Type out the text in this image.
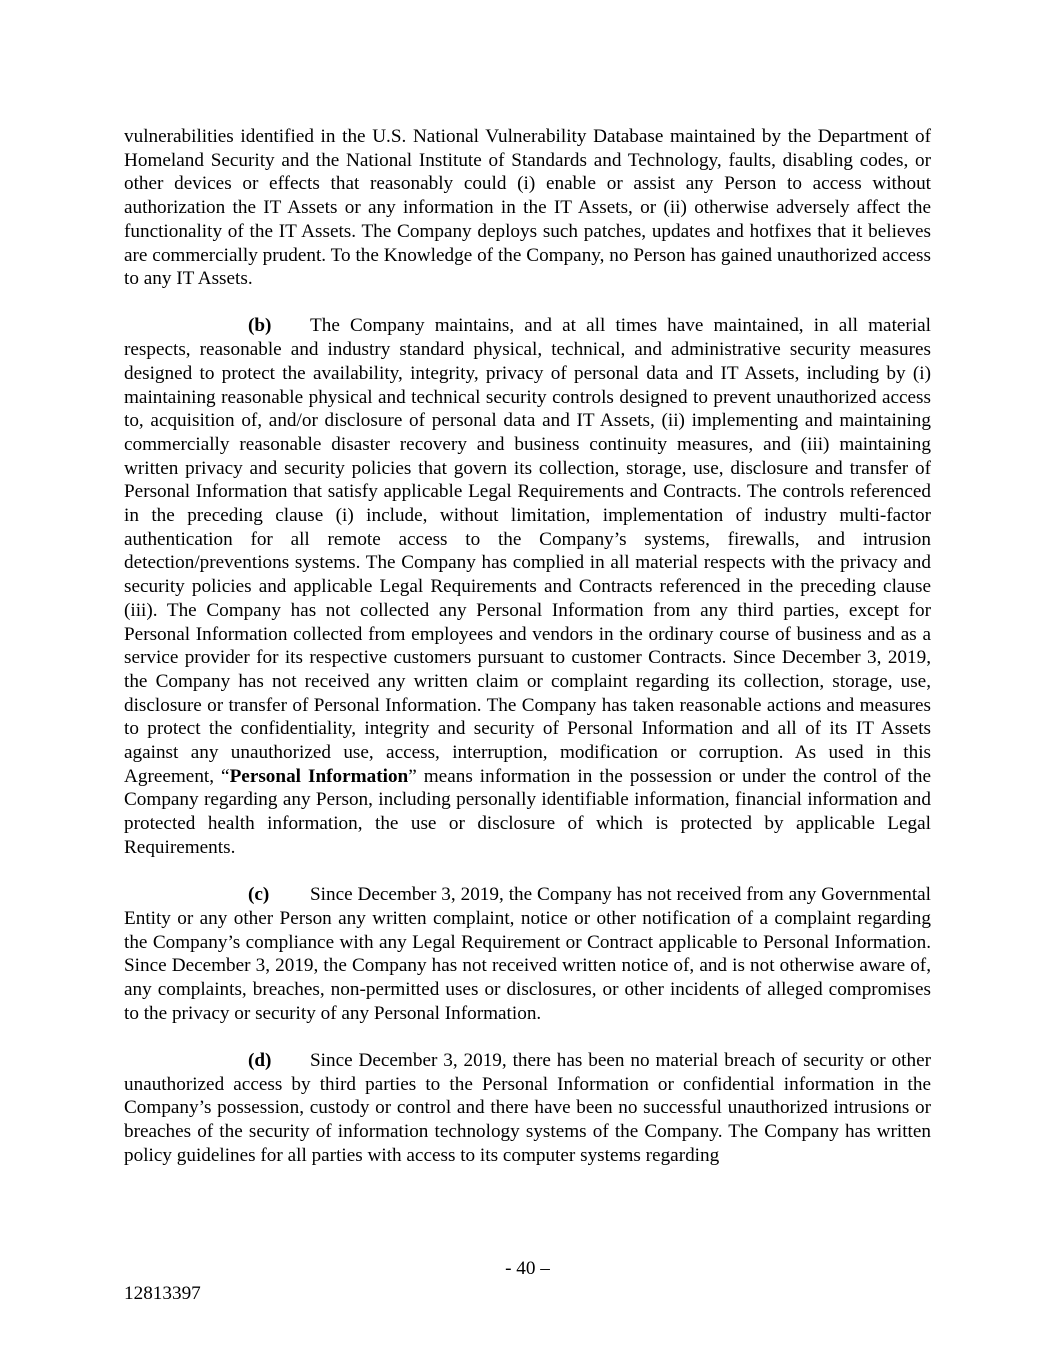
vulnerabilities identified in the U.S. National Vulnerability Database maintained by the Department of Homeland Security and the National Institute of Standards and Technology, faults, disabling codes, or other devices or effects that reasonably could (i) enable or assist any Person to access without authorization the IT Assets or any information in the IT Assets, or (ii) otherwise adversely affect the functionality of the IT Assets. The Company deploys such patches, updates and hotfixes that it believes are commercially prudent. To the Knowledge of the Company, no Person has gained unauthorized access to any IT Assets.

(b) The Company maintains, and at all times have maintained, in all material respects, reasonable and industry standard physical, technical, and administrative security measures designed to protect the availability, integrity, privacy of personal data and IT Assets, including by (i) maintaining reasonable physical and technical security controls designed to prevent unauthorized access to, acquisition of, and/or disclosure of personal data and IT Assets, (ii) implementing and maintaining commercially reasonable disaster recovery and business continuity measures, and (iii) maintaining written privacy and security policies that govern its collection, storage, use, disclosure and transfer of Personal Information that satisfy applicable Legal Requirements and Contracts. The controls referenced in the preceding clause (i) include, without limitation, implementation of industry multi-factor authentication for all remote access to the Company’s systems, firewalls, and intrusion detection/preventions systems. The Company has complied in all material respects with the privacy and security policies and applicable Legal Requirements and Contracts referenced in the preceding clause (iii). The Company has not collected any Personal Information from any third parties, except for Personal Information collected from employees and vendors in the ordinary course of business and as a service provider for its respective customers pursuant to customer Contracts. Since December 3, 2019, the Company has not received any written claim or complaint regarding its collection, storage, use, disclosure or transfer of Personal Information. The Company has taken reasonable actions and measures to protect the confidentiality, integrity and security of Personal Information and all of its IT Assets against any unauthorized use, access, interruption, modification or corruption. As used in this Agreement, “Personal Information” means information in the possession or under the control of the Company regarding any Person, including personally identifiable information, financial information and protected health information, the use or disclosure of which is protected by applicable Legal Requirements.

(c) Since December 3, 2019, the Company has not received from any Governmental Entity or any other Person any written complaint, notice or other notification of a complaint regarding the Company’s compliance with any Legal Requirement or Contract applicable to Personal Information. Since December 3, 2019, the Company has not received written notice of, and is not otherwise aware of, any complaints, breaches, non-permitted uses or disclosures, or other incidents of alleged compromises to the privacy or security of any Personal Information.

(d) Since December 3, 2019, there has been no material breach of security or other unauthorized access by third parties to the Personal Information or confidential information in the Company’s possession, custody or control and there have been no successful unauthorized intrusions or breaches of the security of information technology systems of the Company. The Company has written policy guidelines for all parties with access to its computer systems regarding

- 40 –
12813397
